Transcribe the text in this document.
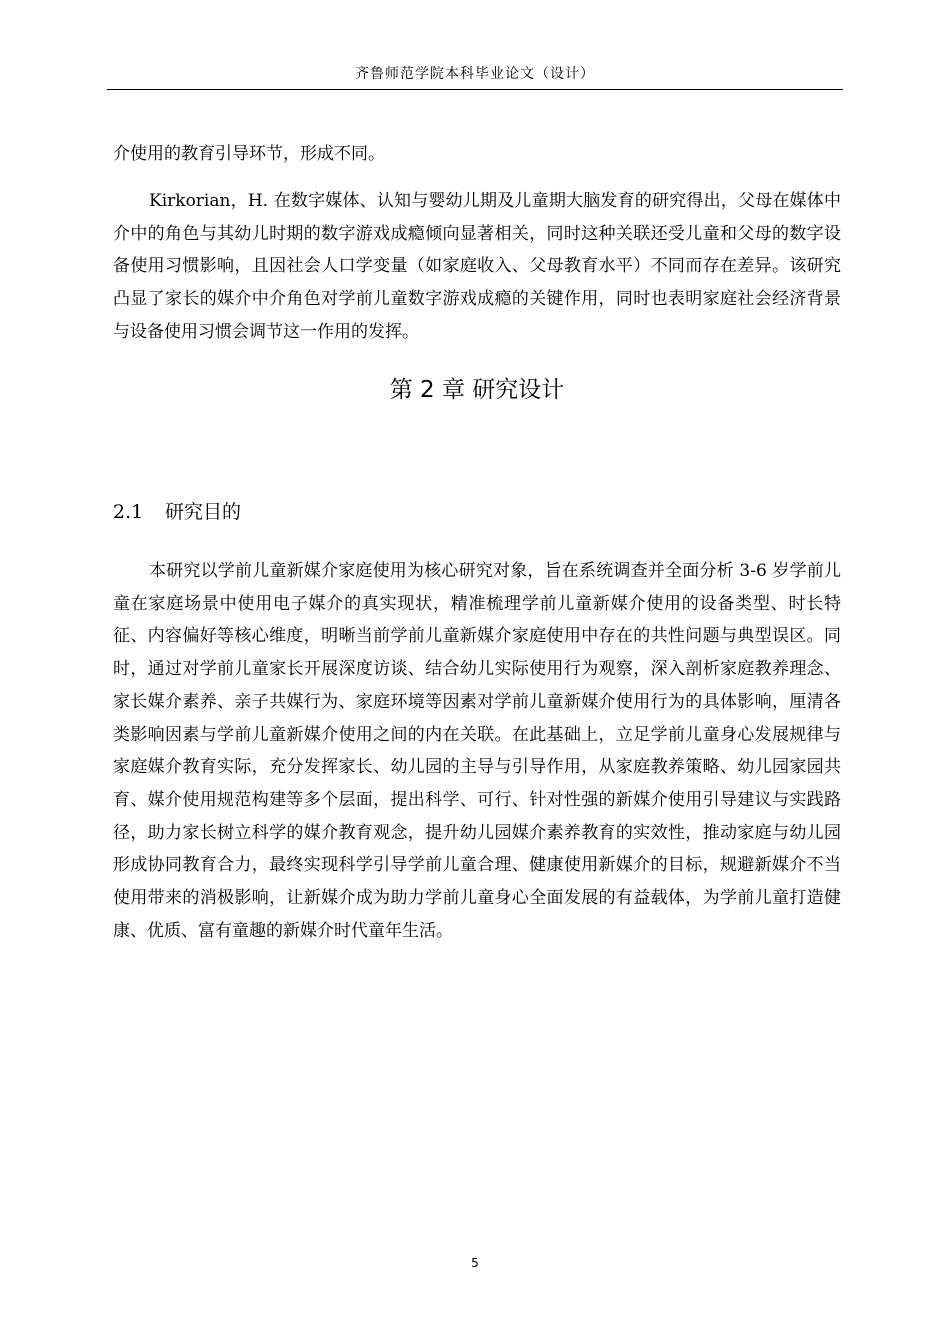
齐鲁师范学院本科毕业论文（设计）

介使用的教育引导环节，形成不同。

Kirkorian，H. 在数字媒体、认知与婴幼儿期及儿童期大脑发育的研究得出，父母在媒体中介中的角色与其幼儿时期的数字游戏成瘾倾向显著相关，同时这种关联还受儿童和父母的数字设备使用习惯影响，且因社会人口学变量（如家庭收入、父母教育水平）不同而存在差异。该研究凸显了家长的媒介中介角色对学前儿童数字游戏成瘾的关键作用，同时也表明家庭社会经济背景与设备使用习惯会调节这一作用的发挥。

第 2 章 研究设计
2.1 研究目的

本研究以学前儿童新媒介家庭使用为核心研究对象，旨在系统调查并全面分析 3-6 岁学前儿童在家庭场景中使用电子媒介的真实现状，精准梳理学前儿童新媒介使用的设备类型、时长特征、内容偏好等核心维度，明晰当前学前儿童新媒介家庭使用中存在的共性问题与典型误区。同时，通过对学前儿童家长开展深度访谈、结合幼儿实际使用行为观察，深入剖析家庭教养理念、家长媒介素养、亲子共媒行为、家庭环境等因素对学前儿童新媒介使用行为的具体影响，厘清各类影响因素与学前儿童新媒介使用之间的内在关联。在此基础上，立足学前儿童身心发展规律与家庭媒介教育实际，充分发挥家长、幼儿园的主导与引导作用，从家庭教养策略、幼儿园家园共育、媒介使用规范构建等多个层面，提出科学、可行、针对性强的新媒介使用引导建议与实践路径，助力家长树立科学的媒介教育观念，提升幼儿园媒介素养教育的实效性，推动家庭与幼儿园形成协同教育合力，最终实现科学引导学前儿童合理、健康使用新媒介的目标，规避新媒介不当使用带来的消极影响，让新媒介成为助力学前儿童身心全面发展的有益载体，为学前儿童打造健康、优质、富有童趣的新媒介时代童年生活。

5
